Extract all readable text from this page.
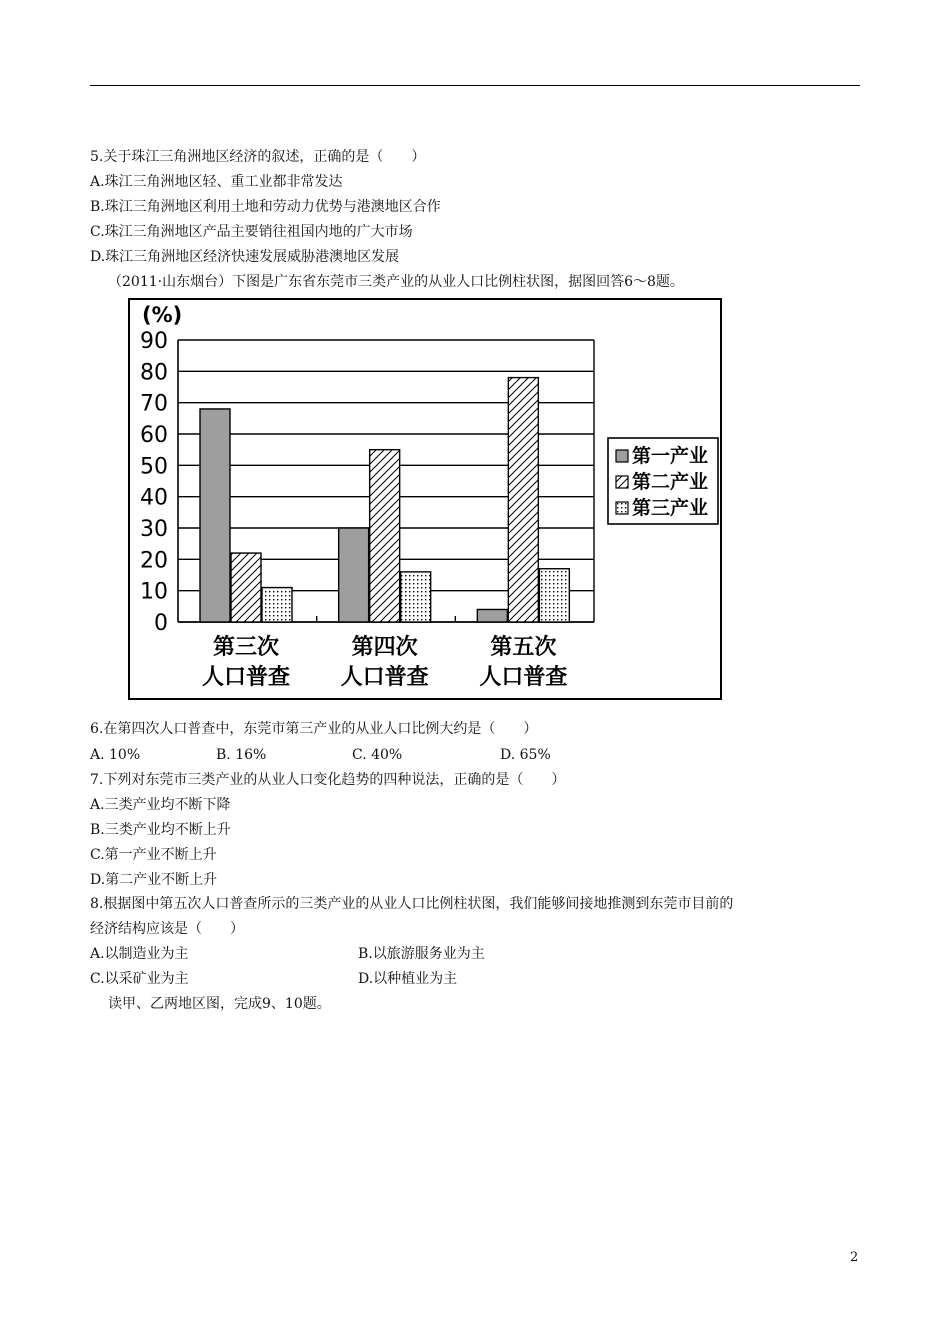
5.关于珠江三角洲地区经济的叙述，正确的是（　　）
A.珠江三角洲地区轻、重工业都非常发达
B.珠江三角洲地区利用土地和劳动力优势与港澳地区合作
C.珠江三角洲地区产品主要销往祖国内地的广大市场
D.珠江三角洲地区经济快速发展威胁港澳地区发展
（2011·山东烟台）下图是广东省东莞市三类产业的从业人口比例柱状图，据图回答6～8题。
(%)
0
10
20
30
40
50
60
70
80
90
第三次
人口普查
第四次
人口普查
第五次
人口普查
第一产业
第二产业
第三产业
6.在第四次人口普查中，东莞市第三产业的从业人口比例大约是（　　）
A. 10%	B. 16%	C. 40%	D. 65%
7.下列对东莞市三类产业的从业人口变化趋势的四种说法，正确的是（　　）
A.三类产业均不断下降
B.三类产业均不断上升
C.第一产业不断上升
D.第二产业不断上升
8.根据图中第五次人口普查所示的三类产业的从业人口比例柱状图，我们能够间接地推测到东莞市目前的
经济结构应该是（　　）
A.以制造业为主	B.以旅游服务业为主
C.以采矿业为主	D.以种植业为主
读甲、乙两地区图，完成9、10题。
2
